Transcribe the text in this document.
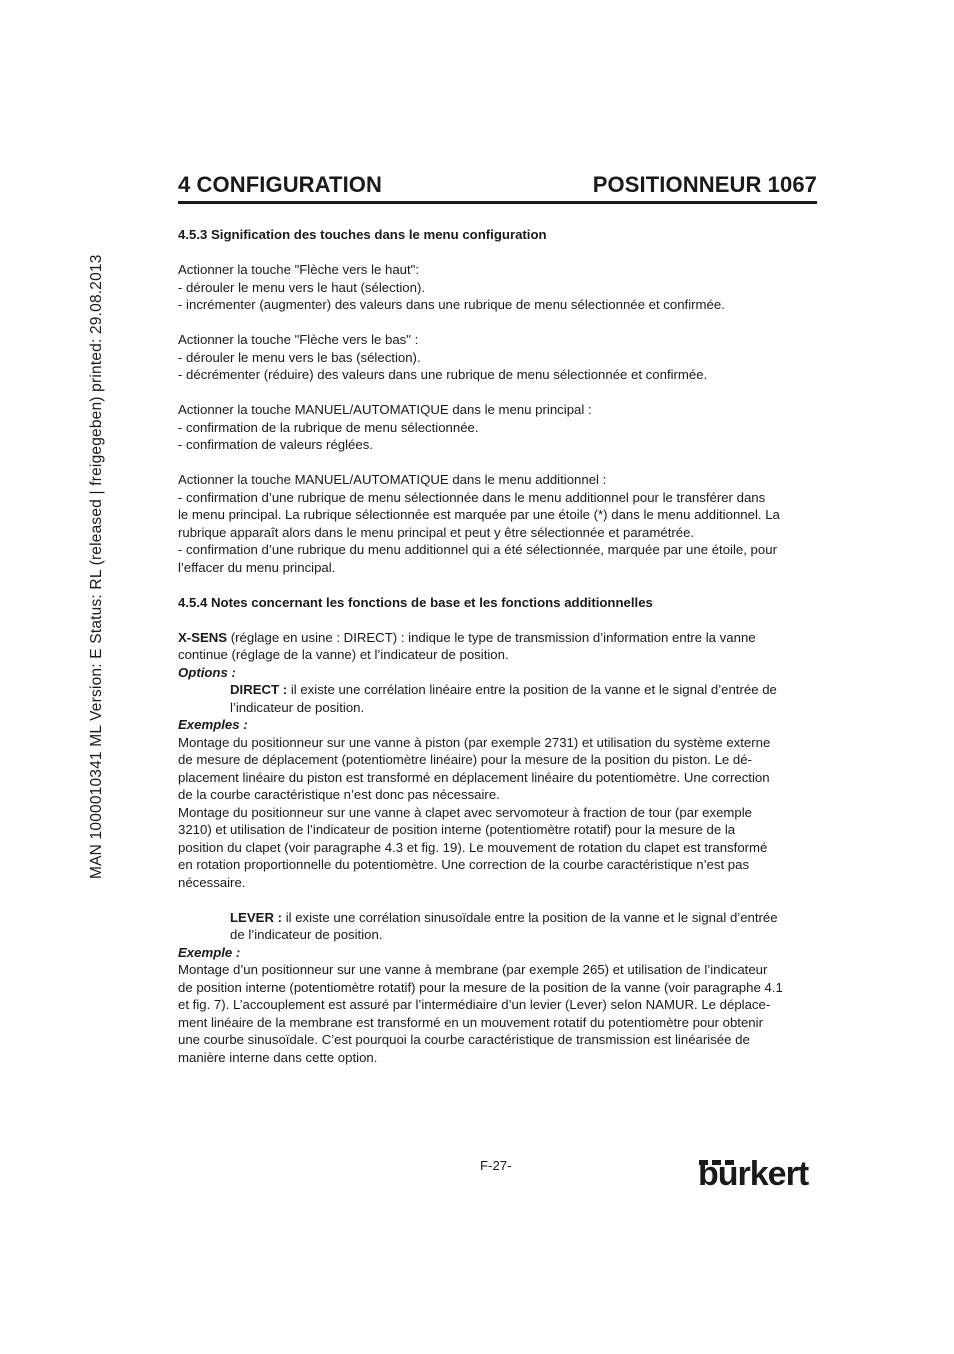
MAN 1000010341 ML Version: E Status: RL (released | freigegeben) printed: 29.08.2013
4 CONFIGURATION	POSITIONNEUR 1067

4.5.3 Signification des touches dans le menu configuration

Actionner la touche "Flèche vers le haut":

- dérouler le menu vers le haut (sélection).

- incrémenter (augmenter) des valeurs dans une rubrique de menu sélectionnée et confirmée.

Actionner la touche "Flèche vers le bas" :

- dérouler le menu vers le bas (sélection).

- décrémenter (réduire) des valeurs dans une rubrique de menu sélectionnée et confirmée.

Actionner la touche MANUEL/AUTOMATIQUE dans le menu principal :

- confirmation de la rubrique de menu sélectionnée.

- confirmation de valeurs réglées.

Actionner la touche MANUEL/AUTOMATIQUE dans le menu additionnel :

- confirmation d’une rubrique de menu sélectionnée dans le menu additionnel pour le transférer dans

le menu principal. La rubrique sélectionnée est marquée par une étoile (*) dans le menu additionnel. La

rubrique apparaît alors dans le menu principal et peut y être sélectionnée et paramétrée.

- confirmation d’une rubrique du menu additionnel qui a été sélectionnée, marquée par une étoile, pour

l’effacer du menu principal.

4.5.4 Notes concernant les fonctions de base et les fonctions additionnelles

X-SENS (réglage en usine : DIRECT) : indique le type de transmission d’information entre la vanne

continue (réglage de la vanne) et l’indicateur de position.

Options :

DIRECT : il existe une corrélation linéaire entre la position de la vanne et le signal d’entrée de

l’indicateur de position.

Exemples :

Montage du positionneur sur une vanne à piston (par exemple 2731) et utilisation du système externe

de mesure de déplacement (potentiomètre linéaire) pour la mesure de la position du piston. Le dé-

placement linéaire du piston est transformé en déplacement linéaire du potentiomètre. Une correction

de la courbe caractéristique n’est donc pas nécessaire.

Montage du positionneur sur une vanne à clapet avec servomoteur à fraction de tour (par exemple

3210) et utilisation de l’indicateur de position interne (potentiomètre rotatif) pour la mesure de la

position du clapet (voir paragraphe 4.3 et fig. 19). Le mouvement de rotation du clapet est transformé

en rotation proportionnelle du potentiomètre. Une correction de la courbe caractéristique n’est pas

nécessaire.

LEVER : il existe une corrélation sinusoïdale entre la position de la vanne et le signal d’entrée

de l’indicateur de position.

Exemple :

Montage d’un positionneur sur une vanne à membrane (par exemple 265) et utilisation de l’indicateur

de position interne (potentiomètre rotatif) pour la mesure de la position de la vanne (voir paragraphe 4.1

et fig. 7). L’accouplement est assuré par l’intermédiaire d’un levier (Lever) selon NAMUR. Le déplace-

ment linéaire de la membrane est transformé en un mouvement rotatif du potentiomètre pour obtenir

une courbe sinusoïdale. C’est pourquoi la courbe caractéristique de transmission est linéarisée de

manière interne dans cette option.

F-27-	burkert
